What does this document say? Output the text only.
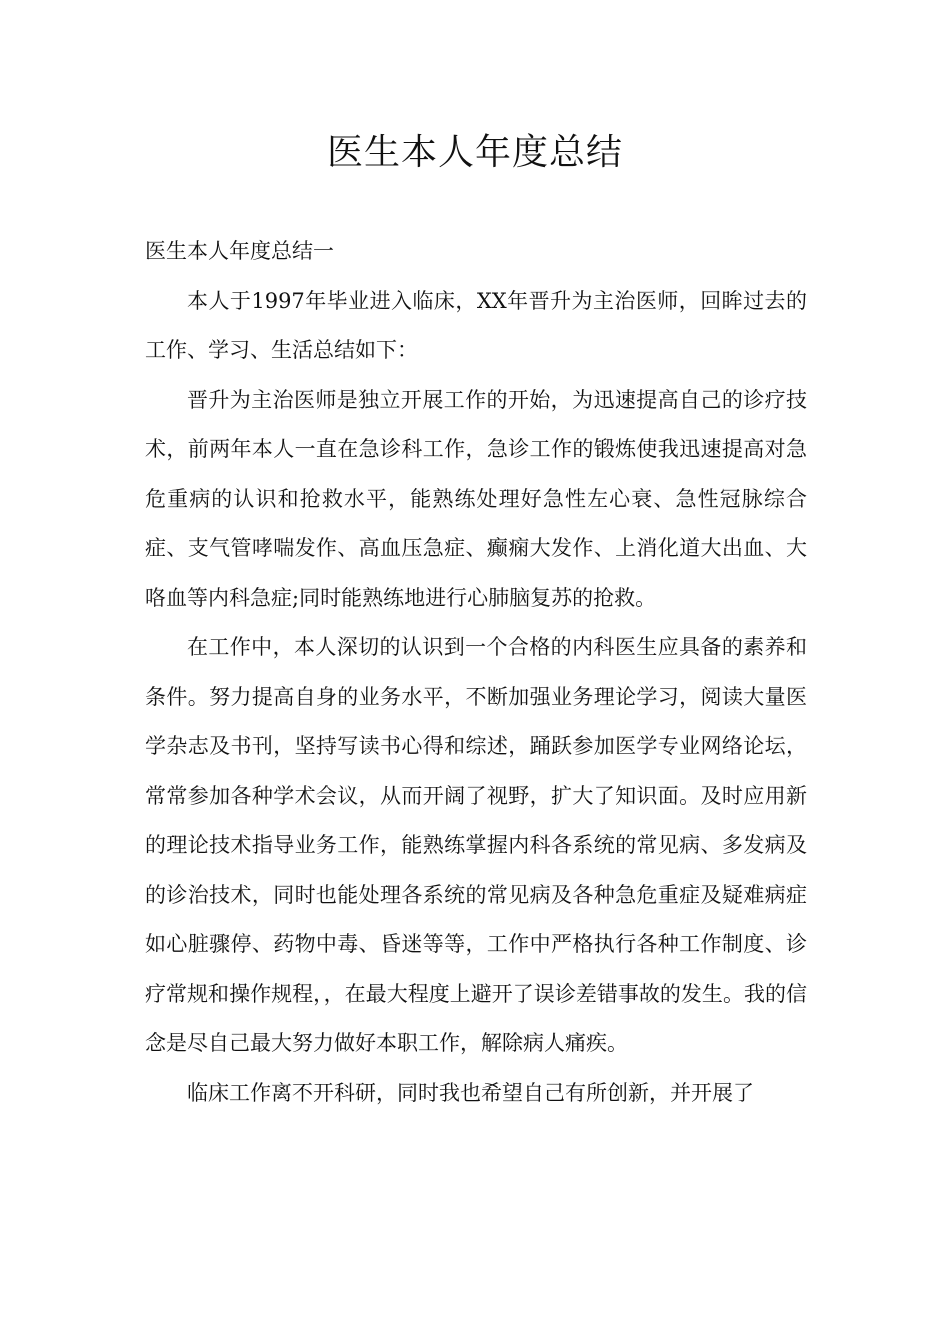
医生本人年度总结

医生本人年度总结一

本人于1997年毕业进入临床，XX年晋升为主治医师，回眸过去的工作、学习、生活总结如下：

晋升为主治医师是独立开展工作的开始，为迅速提高自己的诊疗技术，前两年本人一直在急诊科工作，急诊工作的锻炼使我迅速提高对急危重病的认识和抢救水平，能熟练处理好急性左心衰、急性冠脉综合症、支气管哮喘发作、高血压急症、癫痫大发作、上消化道大出血、大咯血等内科急症;同时能熟练地进行心肺脑复苏的抢救。

在工作中，本人深切的认识到一个合格的内科医生应具备的素养和条件。努力提高自身的业务水平，不断加强业务理论学习，阅读大量医学杂志及书刊，坚持写读书心得和综述，踊跃参加医学专业网络论坛，常常参加各种学术会议，从而开阔了视野，扩大了知识面。及时应用新的理论技术指导业务工作，能熟练掌握内科各系统的常见病、多发病及的诊治技术，同时也能处理各系统的常见病及各种急危重症及疑难病症如心脏骤停、药物中毒、昏迷等等，工作中严格执行各种工作制度、诊疗常规和操作规程，，在最大程度上避开了误诊差错事故的发生。我的信念是尽自己最大努力做好本职工作，解除病人痛疾。

临床工作离不开科研，同时我也希望自己有所创新，并开展了
